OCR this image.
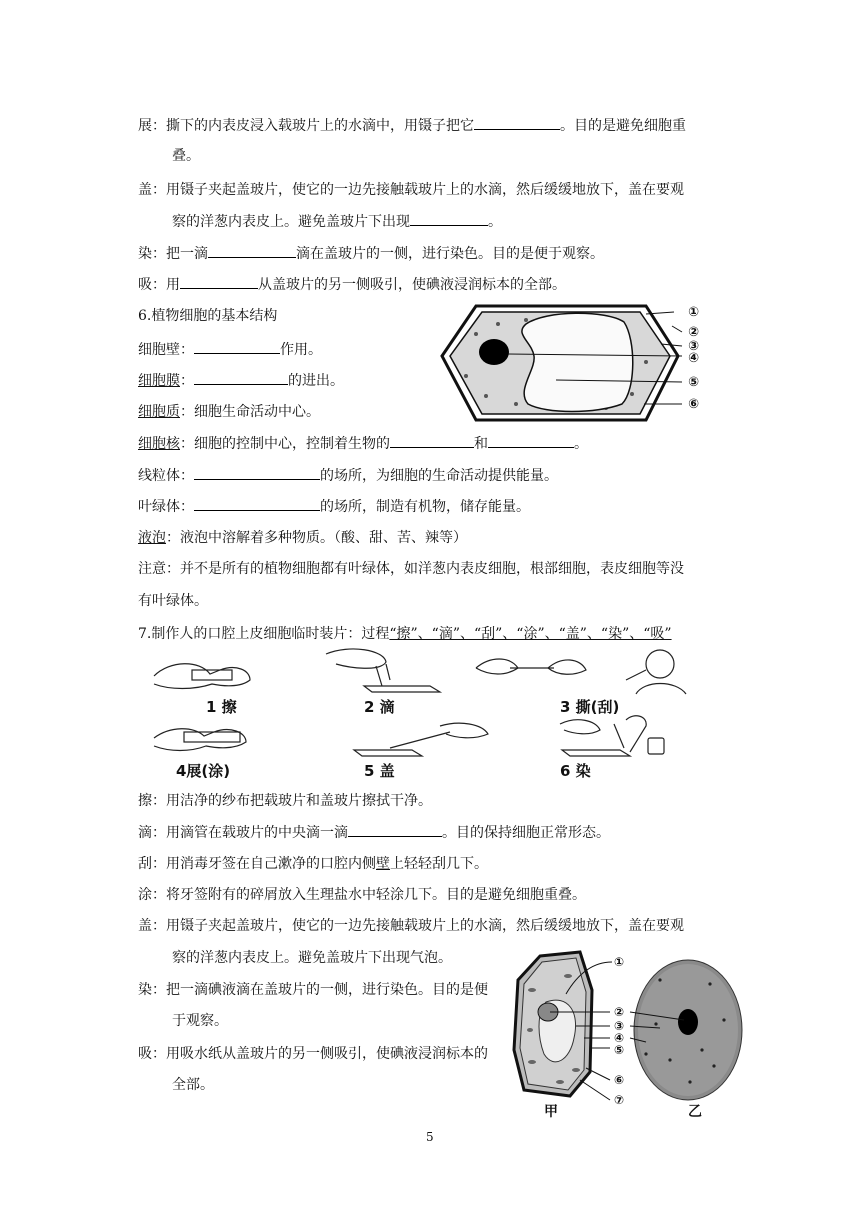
展：撕下的内表皮浸入载玻片上的水滴中，用镊子把它	。目的是避免细胞重
叠。
盖：用镊子夹起盖玻片，使它的一边先接触载玻片上的水滴，然后缓缓地放下，盖在要观
察的洋葱内表皮上。避免盖玻片下出现	。
染：把一滴	滴在盖玻片的一侧，进行染色。目的是便于观察。
吸：用	从盖玻片的另一侧吸引，使碘液浸润标本的全部。
6.植物细胞的基本结构
细胞壁：	作用。
细胞膜：	的进出。
细胞质：细胞生命活动中心。
细胞核：细胞的控制中心，控制着生物的	和	。
线粒体：	的场所，为细胞的生命活动提供能量。
叶绿体：	的场所，制造有机物，储存能量。
液泡：液泡中溶解着多种物质。（酸、甜、苦、辣等）
注意：并不是所有的植物细胞都有叶绿体，如洋葱内表皮细胞，根部细胞，表皮细胞等没
有叶绿体。
①
②
③
④
⑤
⑥
7.制作人的口腔上皮细胞临时装片：过程“擦”、“滴”、“刮”、“涂”、“盖”、“染”、“吸”
1 擦	2 滴	3 撕(刮)
4展(涂)	5 盖	6 染
擦：用洁净的纱布把载玻片和盖玻片擦拭干净。
滴：用滴管在载玻片的中央滴一滴	。目的保持细胞正常形态。
刮：用消毒牙签在自己漱净的口腔内侧壁上轻轻刮几下。
涂：将牙签附有的碎屑放入生理盐水中轻涂几下。目的是避免细胞重叠。
盖：用镊子夹起盖玻片，使它的一边先接触载玻片上的水滴，然后缓缓地放下，盖在要观
察的洋葱内表皮上。避免盖玻片下出现气泡。
染：把一滴碘液滴在盖玻片的一侧，进行染色。目的是便
于观察。
吸：用吸水纸从盖玻片的另一侧吸引，使碘液浸润标本的
全部。
①
②
③
④
⑤
⑥
⑦
甲	乙
5
